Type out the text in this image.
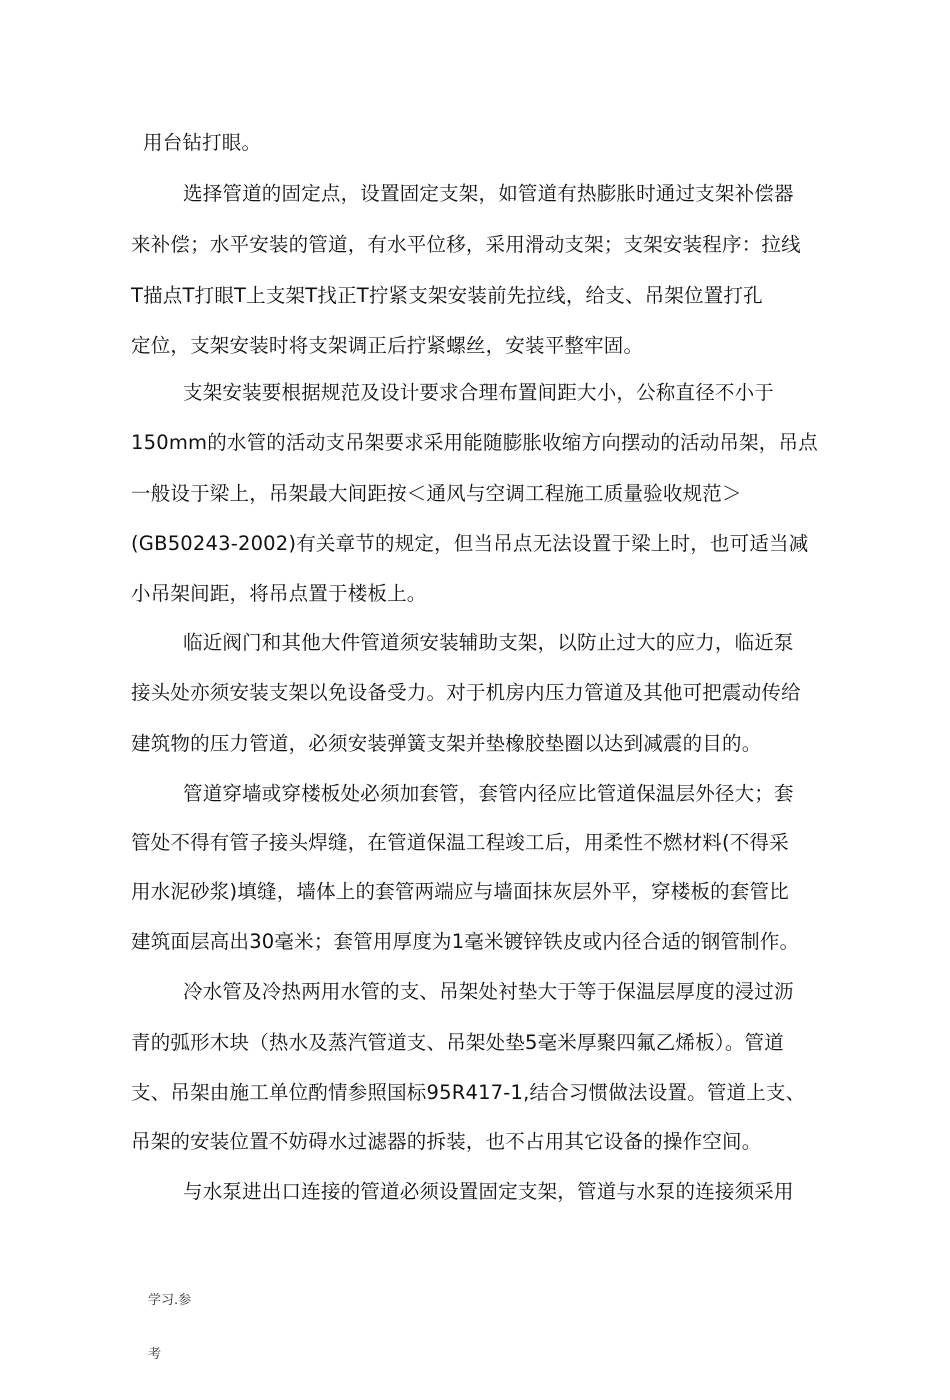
用台钻打眼。
选择管道的固定点，设置固定支架，如管道有热膨胀时通过支架补偿器
来补偿；水平安装的管道，有水平位移，采用滑动支架；支架安装程序：拉线
T描点T打眼T上支架T找正T拧紧支架安装前先拉线，给支、吊架位置打孔
定位，支架安装时将支架调正后拧紧螺丝，安装平整牢固。
支架安装要根据规范及设计要求合理布置间距大小，公称直径不小于
150mm的水管的活动支吊架要求采用能随膨胀收缩方向摆动的活动吊架，吊点
一般设于梁上，吊架最大间距按＜通风与空调工程施工质量验收规范＞
(GB50243-2002)有关章节的规定，但当吊点无法设置于梁上时，也可适当减
小吊架间距，将吊点置于楼板上。
临近阀门和其他大件管道须安装辅助支架，以防止过大的应力，临近泵
接头处亦须安装支架以免设备受力。对于机房内压力管道及其他可把震动传给
建筑物的压力管道，必须安装弹簧支架并垫橡胶垫圈以达到减震的目的。
管道穿墙或穿楼板处必须加套管，套管内径应比管道保温层外径大；套
管处不得有管子接头焊缝，在管道保温工程竣工后，用柔性不燃材料(不得采
用水泥砂浆)填缝，墙体上的套管两端应与墙面抹灰层外平，穿楼板的套管比
建筑面层高出30毫米；套管用厚度为1毫米镀锌铁皮或内径合适的钢管制作。
冷水管及冷热两用水管的支、吊架处衬垫大于等于保温层厚度的浸过沥
青的弧形木块（热水及蒸汽管道支、吊架处垫5毫米厚聚四氟乙烯板）。管道
支、吊架由施工单位酌情参照国标95R417-1,结合习惯做法设置。管道上支、
吊架的安装位置不妨碍水过滤器的拆装，也不占用其它设备的操作空间。
与水泵进出口连接的管道必须设置固定支架，管道与水泵的连接须采用

学习.参

考
